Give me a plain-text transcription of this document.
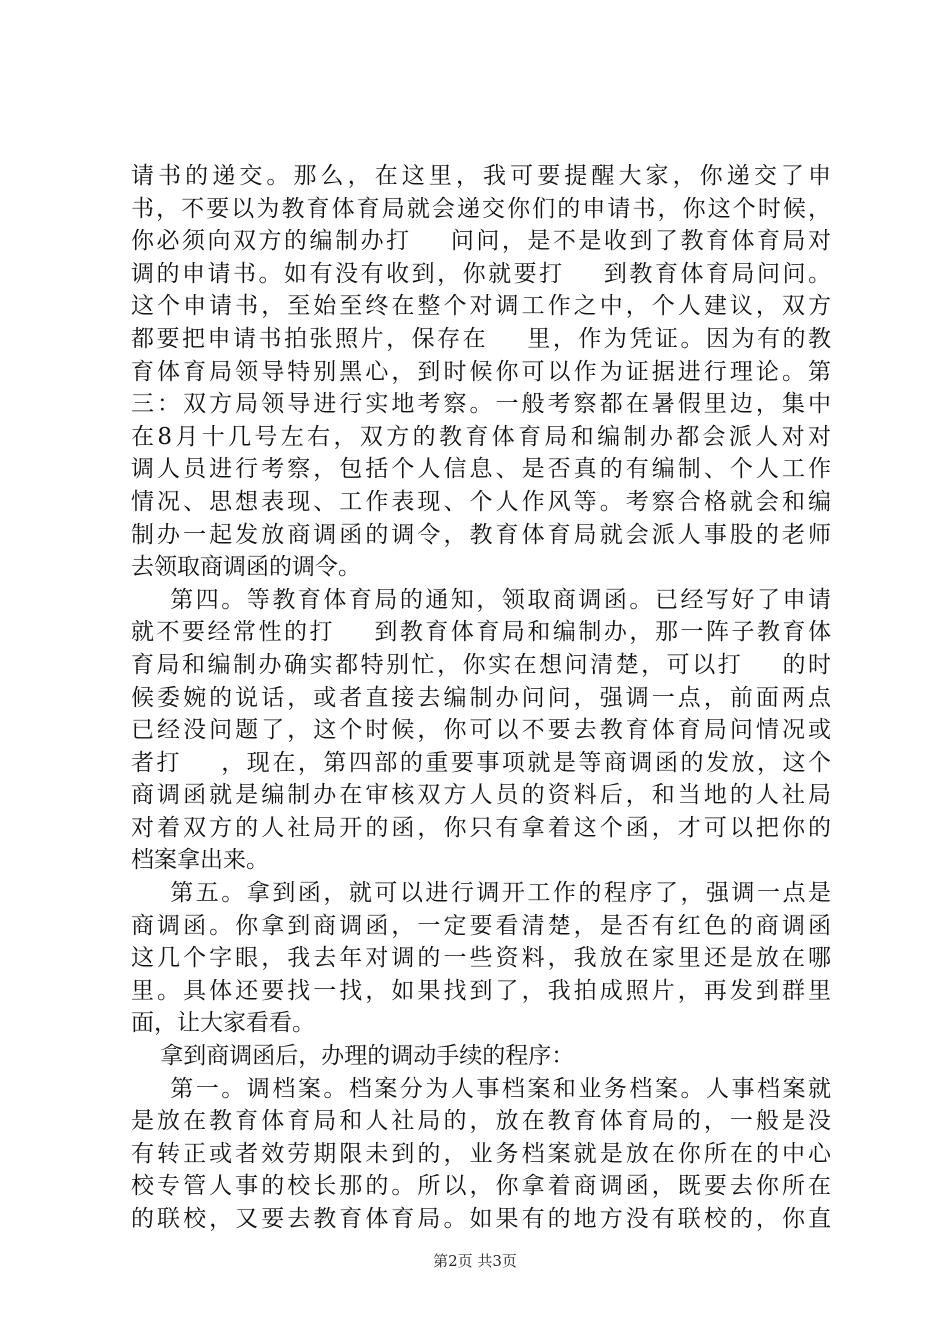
请书的递交。那么，在这里，我可要提醒大家，你递交了申
书，不要以为教育体育局就会递交你们的申请书，你这个时候，
你必须向双方的编制办打    问问，是不是收到了教育体育局对
调的申请书。如有没有收到，你就要打    到教育体育局问问。
这个申请书，至始至终在整个对调工作之中，个人建议，双方
都要把申请书拍张照片，保存在    里，作为凭证。因为有的教
育体育局领导特别黑心，到时候你可以作为证据进行理论。第
三：双方局领导进行实地考察。一般考察都在暑假里边，集中
在8月十几号左右，双方的教育体育局和编制办都会派人对对
调人员进行考察，包括个人信息、是否真的有编制、个人工作
情况、思想表现、工作表现、个人作风等。考察合格就会和编
制办一起发放商调函的调令，教育体育局就会派人事股的老师
去领取商调函的调令。
第四。等教育体育局的通知，领取商调函。已经写好了申请
就不要经常性的打    到教育体育局和编制办，那一阵子教育体
育局和编制办确实都特别忙，你实在想问清楚，可以打    的时
候委婉的说话，或者直接去编制办问问，强调一点，前面两点
已经没问题了，这个时候，你可以不要去教育体育局问情况或
者打    ，现在，第四部的重要事项就是等商调函的发放，这个
商调函就是编制办在审核双方人员的资料后，和当地的人社局
对着双方的人社局开的函，你只有拿着这个函，才可以把你的
档案拿出来。
第五。拿到函，就可以进行调开工作的程序了，强调一点是
商调函。你拿到商调函，一定要看清楚，是否有红色的商调函
这几个字眼，我去年对调的一些资料，我放在家里还是放在哪
里。具体还要找一找，如果找到了，我拍成照片，再发到群里
面，让大家看看。
拿到商调函后，办理的调动手续的程序：
第一。调档案。档案分为人事档案和业务档案。人事档案就
是放在教育体育局和人社局的，放在教育体育局的，一般是没
有转正或者效劳期限未到的，业务档案就是放在你所在的中心
校专管人事的校长那的。所以，你拿着商调函，既要去你所在
的联校，又要去教育体育局。如果有的地方没有联校的，你直
第2页 共3页
